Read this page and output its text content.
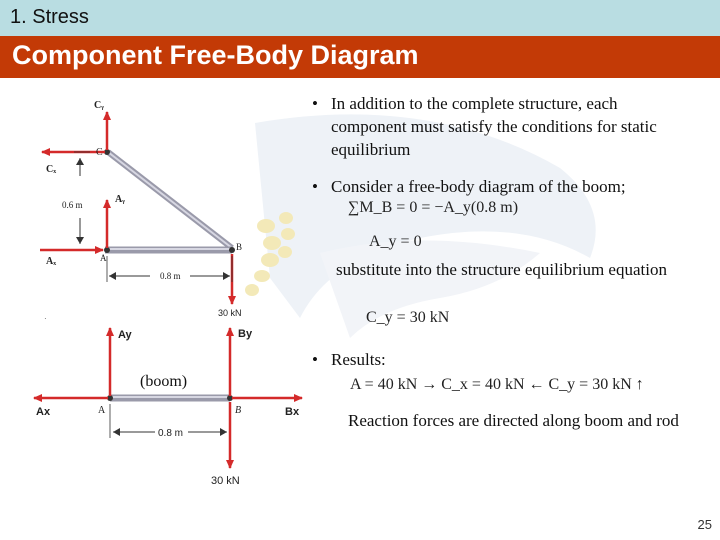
1. Stress
Component Free-Body Diagram
Cᵧ
C
Cₓ
Aᵧ
0.6 m
Aₓ	A
B
0.8 m
30 kN
·
Ay	By
(boom)
Ax	A	B	Bx
0.8 m
30 kN
• In addition to the complete structure, each component must satisfy the conditions for static equilibrium
• Consider a free-body diagram of the boom;
∑M_B = 0 = −A_y(0.8 m)
A_y = 0
substitute into the structure equilibrium equation
C_y = 30 kN
• Results:
A = 40 kN → C_x = 40 kN ← C_y = 30 kN ↑
Reaction forces are directed along boom and rod
25
